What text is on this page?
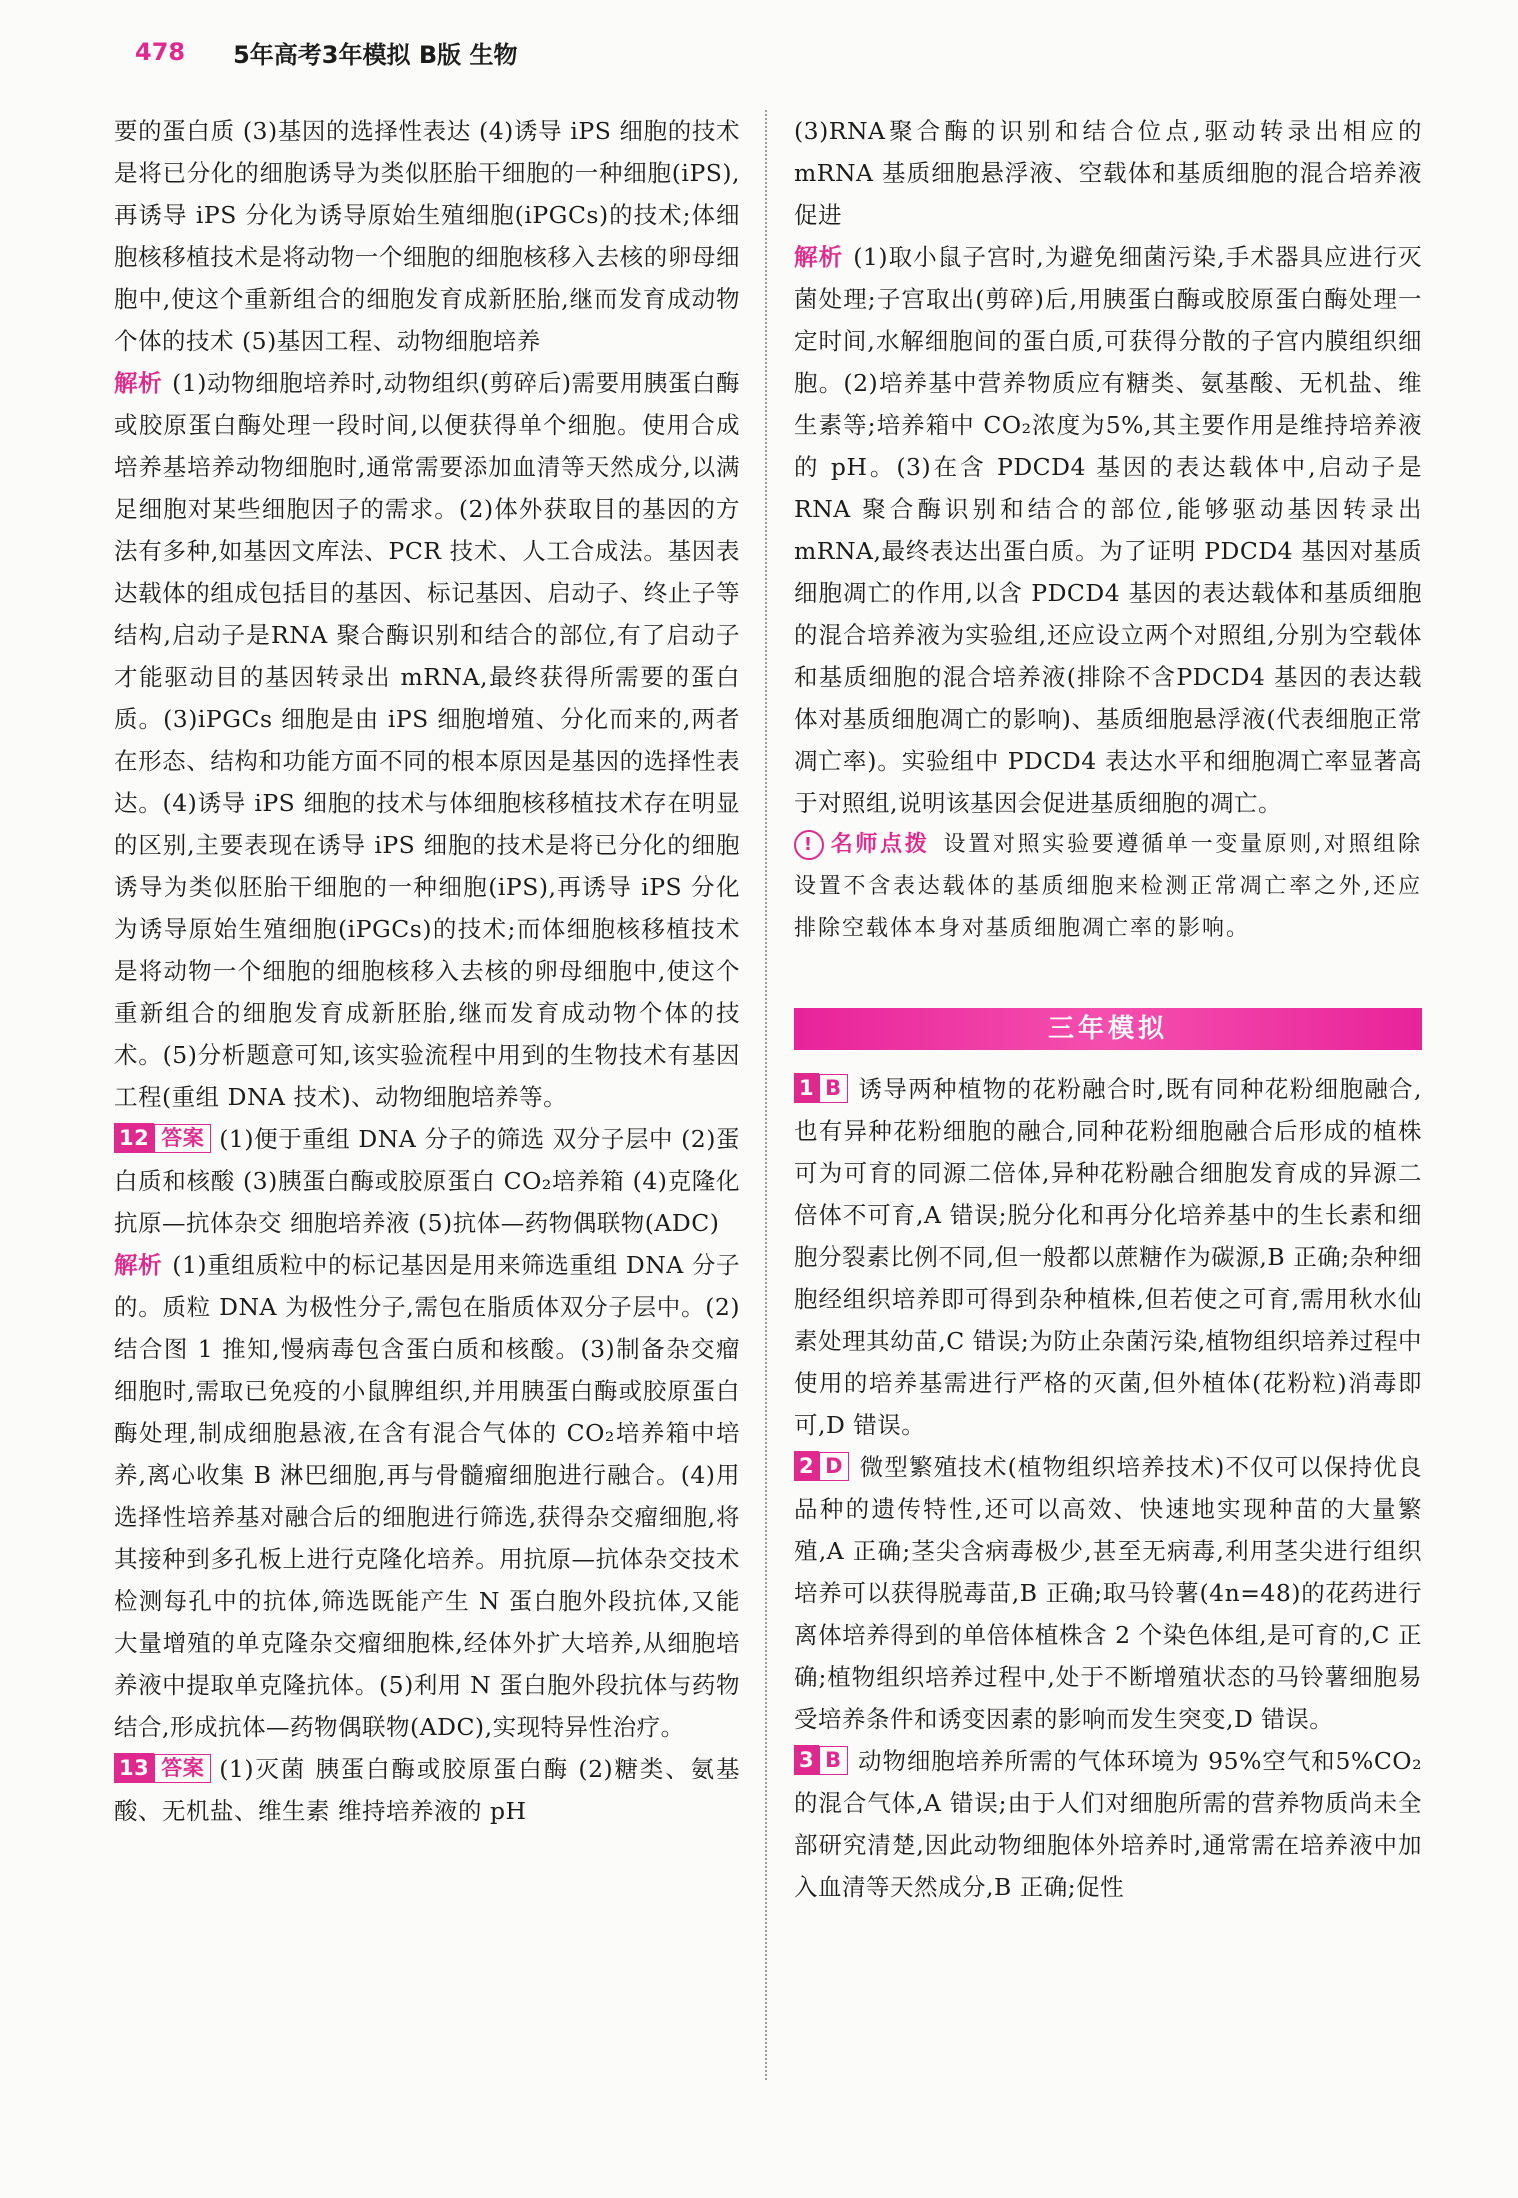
478 5年高考3年模拟 B版 生物

要的蛋白质 (3)基因的选择性表达 (4)诱导 iPS 细胞的技术是将已分化的细胞诱导为类似胚胎干细胞的一种细胞(iPS),再诱导 iPS 分化为诱导原始生殖细胞(iPGCs)的技术;体细胞核移植技术是将动物一个细胞的细胞核移入去核的卵母细胞中,使这个重新组合的细胞发育成新胚胎,继而发育成动物个体的技术 (5)基因工程、动物细胞培养

解析 (1)动物细胞培养时,动物组织(剪碎后)需要用胰蛋白酶或胶原蛋白酶处理一段时间,以便获得单个细胞。使用合成培养基培养动物细胞时,通常需要添加血清等天然成分,以满足细胞对某些细胞因子的需求。(2)体外获取目的基因的方法有多种,如基因文库法、PCR 技术、人工合成法。基因表达载体的组成包括目的基因、标记基因、启动子、终止子等结构,启动子是RNA 聚合酶识别和结合的部位,有了启动子才能驱动目的基因转录出 mRNA,最终获得所需要的蛋白质。(3)iPGCs 细胞是由 iPS 细胞增殖、分化而来的,两者在形态、结构和功能方面不同的根本原因是基因的选择性表达。(4)诱导 iPS 细胞的技术与体细胞核移植技术存在明显的区别,主要表现在诱导 iPS 细胞的技术是将已分化的细胞诱导为类似胚胎干细胞的一种细胞(iPS),再诱导 iPS 分化为诱导原始生殖细胞(iPGCs)的技术;而体细胞核移植技术是将动物一个细胞的细胞核移入去核的卵母细胞中,使这个重新组合的细胞发育成新胚胎,继而发育成动物个体的技术。(5)分析题意可知,该实验流程中用到的生物技术有基因工程(重组 DNA 技术)、动物细胞培养等。

12 答案 (1)便于重组 DNA 分子的筛选 双分子层中 (2)蛋白质和核酸 (3)胰蛋白酶或胶原蛋白 CO₂培养箱 (4)克隆化 抗原—抗体杂交 细胞培养液 (5)抗体—药物偶联物(ADC)

解析 (1)重组质粒中的标记基因是用来筛选重组 DNA 分子的。质粒 DNA 为极性分子,需包在脂质体双分子层中。(2)结合图 1 推知,慢病毒包含蛋白质和核酸。(3)制备杂交瘤细胞时,需取已免疫的小鼠脾组织,并用胰蛋白酶或胶原蛋白酶处理,制成细胞悬液,在含有混合气体的 CO₂培养箱中培养,离心收集 B 淋巴细胞,再与骨髓瘤细胞进行融合。(4)用选择性培养基对融合后的细胞进行筛选,获得杂交瘤细胞,将其接种到多孔板上进行克隆化培养。用抗原—抗体杂交技术检测每孔中的抗体,筛选既能产生 N 蛋白胞外段抗体,又能大量增殖的单克隆杂交瘤细胞株,经体外扩大培养,从细胞培养液中提取单克隆抗体。(5)利用 N 蛋白胞外段抗体与药物结合,形成抗体—药物偶联物(ADC),实现特异性治疗。

13 答案 (1)灭菌 胰蛋白酶或胶原蛋白酶 (2)糖类、氨基酸、无机盐、维生素 维持培养液的 pH

(3)RNA聚合酶的识别和结合位点,驱动转录出相应的 mRNA 基质细胞悬浮液、空载体和基质细胞的混合培养液 促进

解析 (1)取小鼠子宫时,为避免细菌污染,手术器具应进行灭菌处理;子宫取出(剪碎)后,用胰蛋白酶或胶原蛋白酶处理一定时间,水解细胞间的蛋白质,可获得分散的子宫内膜组织细胞。(2)培养基中营养物质应有糖类、氨基酸、无机盐、维生素等;培养箱中 CO₂浓度为5%,其主要作用是维持培养液的 pH。(3)在含 PDCD4 基因的表达载体中,启动子是 RNA 聚合酶识别和结合的部位,能够驱动基因转录出 mRNA,最终表达出蛋白质。为了证明 PDCD4 基因对基质细胞凋亡的作用,以含 PDCD4 基因的表达载体和基质细胞的混合培养液为实验组,还应设立两个对照组,分别为空载体和基质细胞的混合培养液(排除不含PDCD4 基因的表达载体对基质细胞凋亡的影响)、基质细胞悬浮液(代表细胞正常凋亡率)。实验组中 PDCD4 表达水平和细胞凋亡率显著高于对照组,说明该基因会促进基质细胞的凋亡。

! 名师点拨 设置对照实验要遵循单一变量原则,对照组除设置不含表达载体的基质细胞来检测正常凋亡率之外,还应排除空载体本身对基质细胞凋亡率的影响。

三年模拟

1 B 诱导两种植物的花粉融合时,既有同种花粉细胞融合,也有异种花粉细胞的融合,同种花粉细胞融合后形成的植株可为可育的同源二倍体,异种花粉融合细胞发育成的异源二倍体不可育,A 错误;脱分化和再分化培养基中的生长素和细胞分裂素比例不同,但一般都以蔗糖作为碳源,B 正确;杂种细胞经组织培养即可得到杂种植株,但若使之可育,需用秋水仙素处理其幼苗,C 错误;为防止杂菌污染,植物组织培养过程中使用的培养基需进行严格的灭菌,但外植体(花粉粒)消毒即可,D 错误。

2 D 微型繁殖技术(植物组织培养技术)不仅可以保持优良品种的遗传特性,还可以高效、快速地实现种苗的大量繁殖,A 正确;茎尖含病毒极少,甚至无病毒,利用茎尖进行组织培养可以获得脱毒苗,B 正确;取马铃薯(4n=48)的花药进行离体培养得到的单倍体植株含 2 个染色体组,是可育的,C 正确;植物组织培养过程中,处于不断增殖状态的马铃薯细胞易受培养条件和诱变因素的影响而发生突变,D 错误。

3 B 动物细胞培养所需的气体环境为 95%空气和5%CO₂的混合气体,A 错误;由于人们对细胞所需的营养物质尚未全部研究清楚,因此动物细胞体外培养时,通常需在培养液中加入血清等天然成分,B 正确;促性
